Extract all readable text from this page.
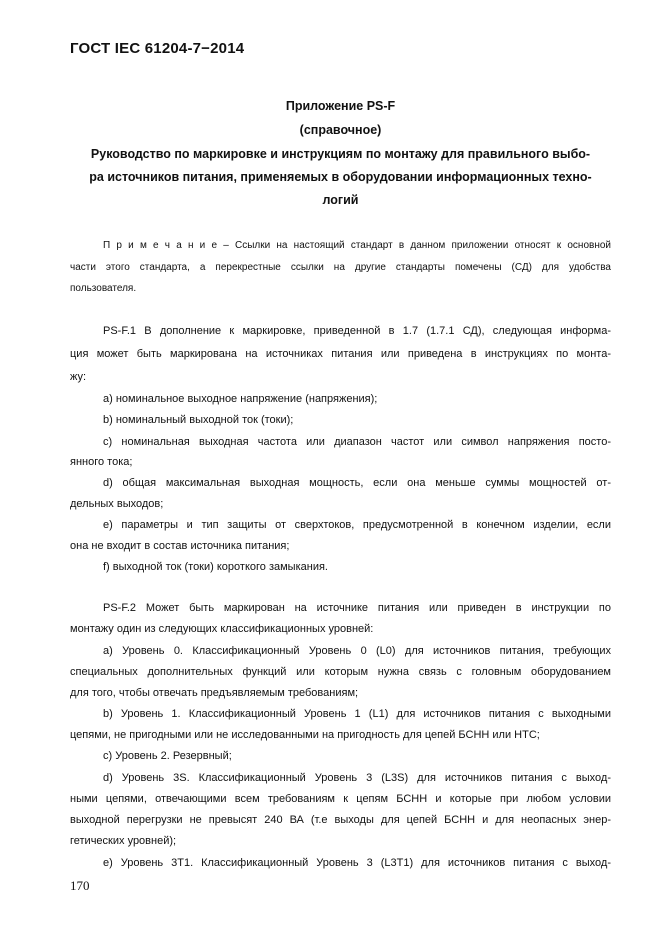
ГОСТ IEC 61204-7−2014
Приложение PS-F
(справочное)
Руководство по маркировке и инструкциям по монтажу для правильного выбо-
ра источников питания, применяемых в оборудовании информационных техно-
логий
П р и м е ч а н и е – Ссылки на настоящий стандарт в данном приложении относят к основной
части этого стандарта, а перекрестные ссылки на другие стандарты помечены (СД) для удобства
пользователя.
PS-F.1 В дополнение к маркировке, приведенной в 1.7 (1.7.1 СД), следующая информа-
ция может быть маркирована на источниках питания или приведена в инструкциях по монта-
жу:
а) номинальное выходное напряжение (напряжения);
b) номинальный выходной ток (токи);
c) номинальная выходная частота или диапазон частот или символ напряжения посто-
янного тока;
d) общая максимальная выходная мощность, если она меньше суммы мощностей от-
дельных выходов;
e) параметры и тип защиты от сверхтоков, предусмотренной в конечном изделии, если
она не входит в состав источника питания;
f) выходной ток (токи) короткого замыкания.
PS-F.2 Может быть маркирован на источнике питания или приведен в инструкции по
монтажу один из следующих классификационных уровней:
a) Уровень 0. Классификационный Уровень 0 (L0) для источников питания, требующих
специальных дополнительных функций или которым нужна связь с головным оборудованием
для того, чтобы отвечать предъявляемым требованиям;
b) Уровень 1. Классификационный Уровень 1 (L1) для источников питания с выходными
цепями, не пригодными или не исследованными на пригодность для цепей БСНН или НТС;
c) Уровень 2. Резервный;
d) Уровень 3S. Классификационный Уровень 3 (L3S) для источников питания с выход-
ными цепями, отвечающими всем требованиям к цепям БСНН и которые при любом условии
выходной перегрузки не превысят 240 ВА (т.е выходы для цепей БСНН и для неопасных энер-
гетических уровней);
e) Уровень 3T1. Классификационный Уровень 3 (L3T1) для источников питания с выход-
170
